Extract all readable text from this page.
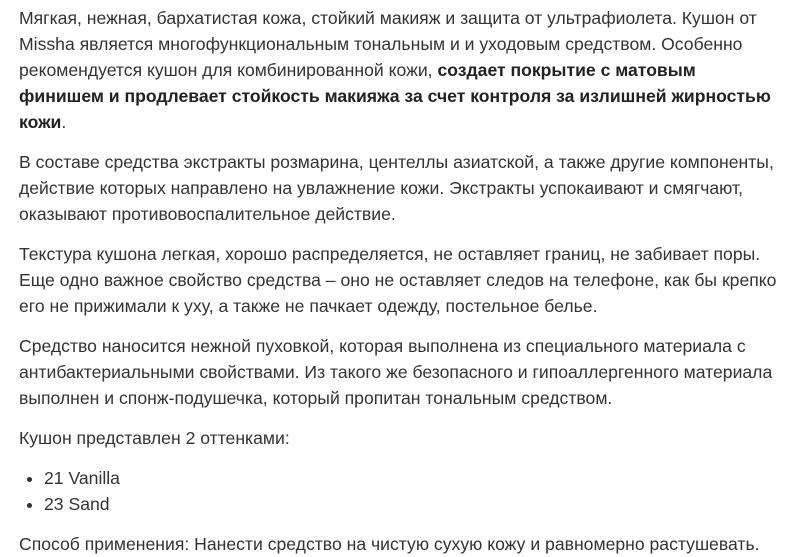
Мягкая, нежная, бархатистая кожа, стойкий макияж и защита от ультрафиолета. Кушон от Missha является многофункциональным тональным и и уходовым средством. Особенно рекомендуется кушон для комбинированной кожи, создает покрытие с матовым финишем и продлевает стойкость макияжа за счет контроля за излишней жирностью кожи.

В составе средства экстракты розмарина, центеллы азиатской, а также другие компоненты, действие которых направлено на увлажнение кожи. Экстракты успокаивают и смягчают, оказывают противовоспалительное действие.

Текстура кушона легкая, хорошо распределяется, не оставляет границ, не забивает поры. Еще одно важное свойство средства – оно не оставляет следов на телефоне, как бы крепко его не прижимали к уху, а также не пачкает одежду, постельное белье.

Средство наносится нежной пуховкой, которая выполнена из специального материала с антибактериальными свойствами. Из такого же безопасного и гипоаллергенного материала выполнен и спонж-подушечка, который пропитан тональным средством.

Кушон представлен 2 оттенками:

• 21 Vanilla
• 23 Sand

Способ применения: Нанести средство на чистую сухую кожу и равномерно растушевать.
